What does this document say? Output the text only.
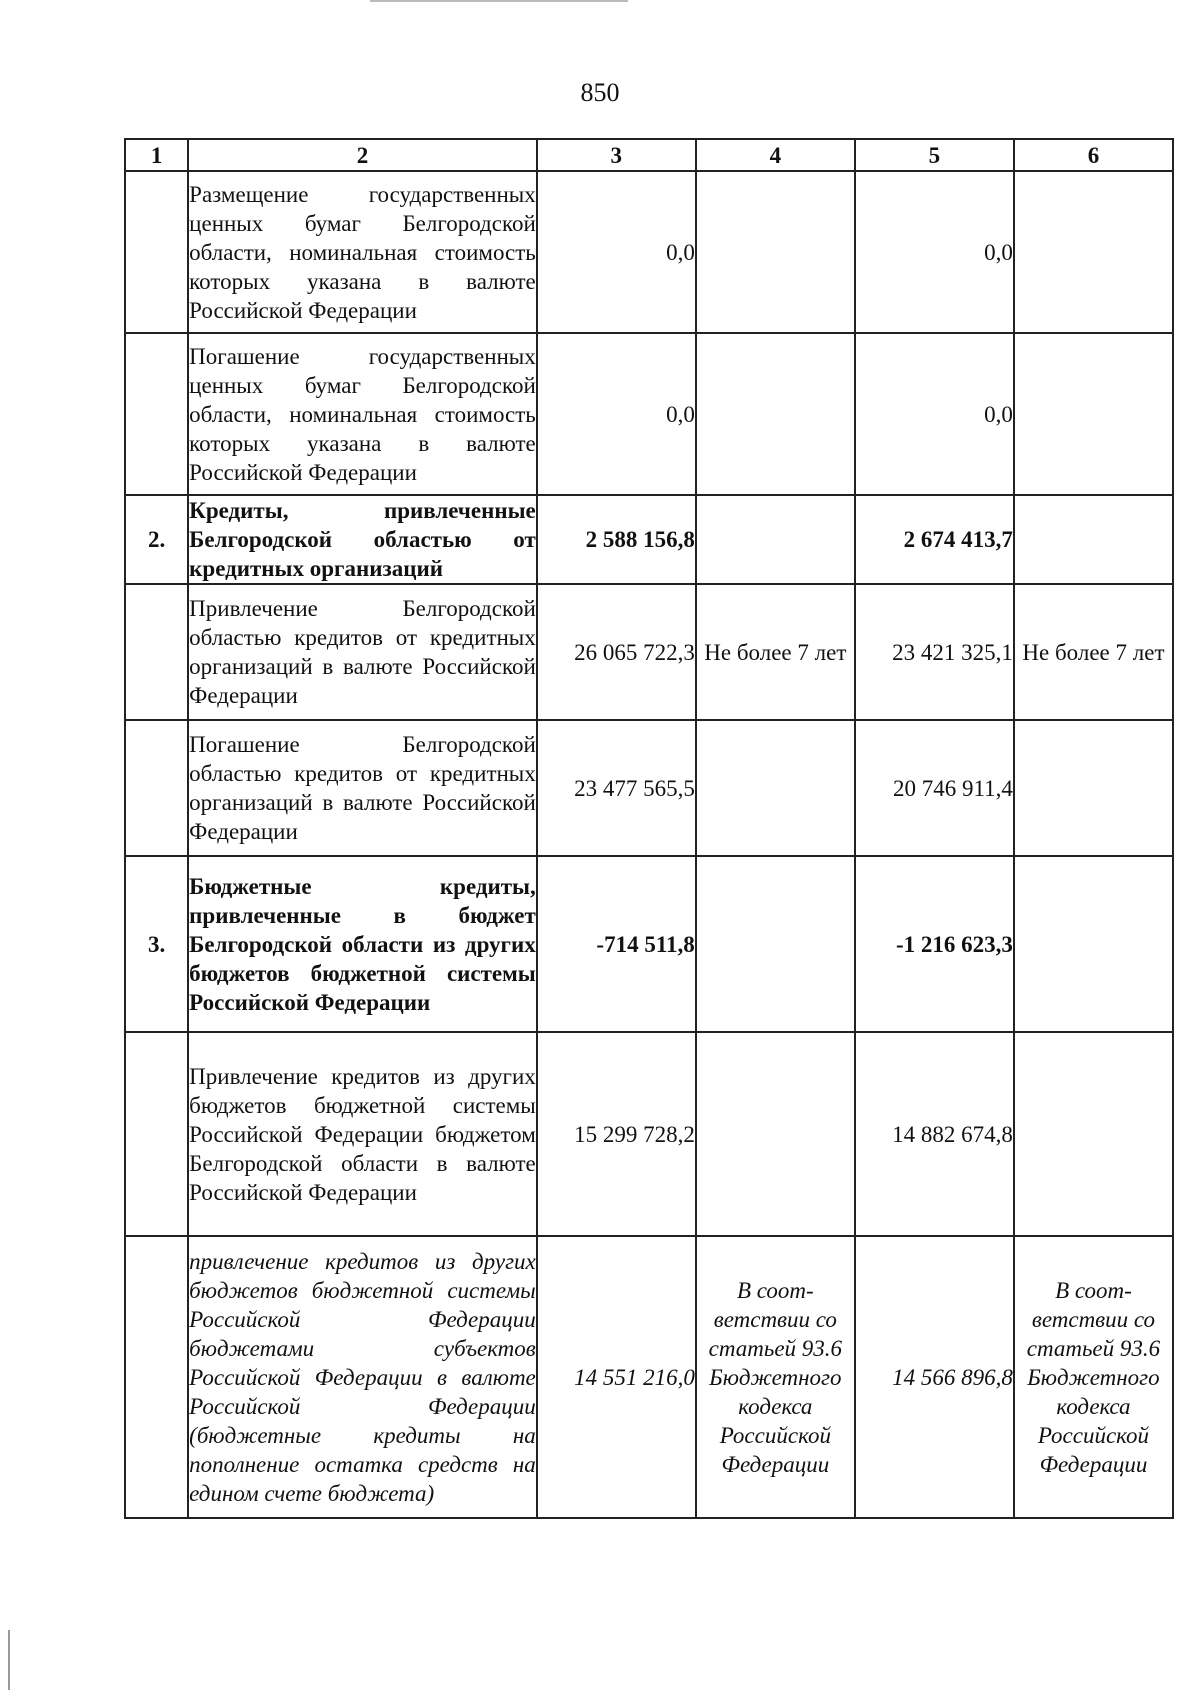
850
1	2	3	4	5	6
	Размещение государственных ценных бумаг Белгородской области, номинальная стоимость которых указана в валюте Российской Федерации	0,0		0,0	
	Погашение государственных ценных бумаг Белгородской области, номинальная стоимость которых указана в валюте Российской Федерации	0,0		0,0	
2.	Кредиты, привлеченные Белгородской областью от кредитных организаций	2 588 156,8		2 674 413,7	
	Привлечение Белгородской областью кредитов от кредитных организаций в валюте Российской Федерации	26 065 722,3	Не более 7 лет	23 421 325,1	Не более 7 лет
	Погашение Белгородской областью кредитов от кредитных организаций в валюте Российской Федерации	23 477 565,5		20 746 911,4	
3.	Бюджетные кредиты, привлеченные в бюджет Белгородской области из других бюджетов бюджетной системы Российской Федерации	-714 511,8		-1 216 623,3	
	Привлечение кредитов из других бюджетов бюджетной системы Российской Федерации бюджетом Белгородской области в валюте Российской Федерации	15 299 728,2		14 882 674,8	
	привлечение кредитов из других бюджетов бюджетной системы Российской Федерации бюджетами субъектов Российской Федерации в валюте Российской Федерации (бюджетные кредиты на пополнение остатка средств на едином счете бюджета)	14 551 216,0	В соот-ветствии со статьей 93.6 Бюджетного кодекса Российской Федерации	14 566 896,8	В соот-ветствии со статьей 93.6 Бюджетного кодекса Российской Федерации
